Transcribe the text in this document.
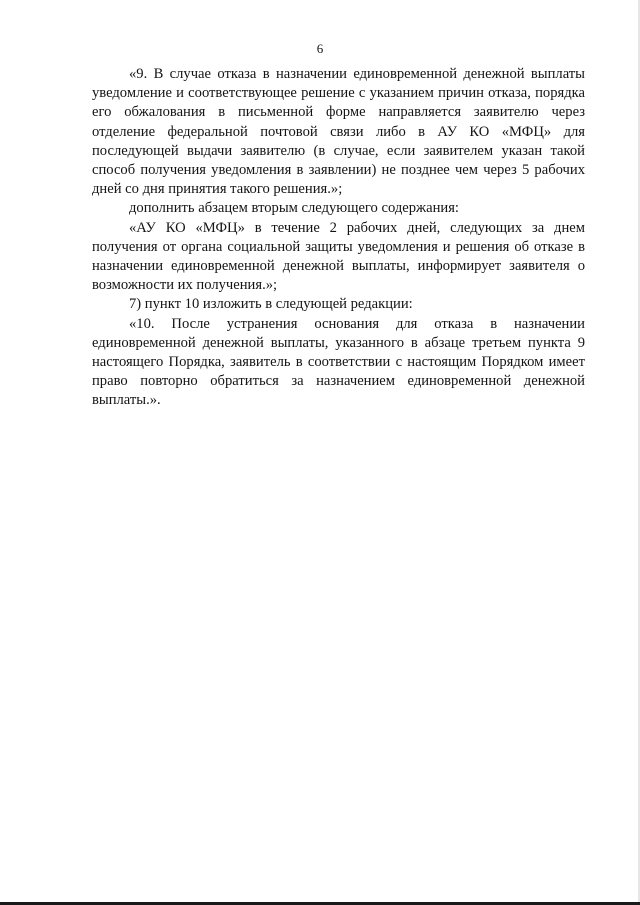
6

«9. В случае отказа в назначении единовременной денежной выплаты уведомление и соответствующее решение с указанием причин отказа, порядка его обжалования в письменной форме направляется заявителю через отделение федеральной почтовой связи либо в АУ КО «МФЦ» для последующей выдачи заявителю (в случае, если заявителем указан такой способ получения уведомления в заявлении) не позднее чем через 5 рабочих дней со дня принятия такого решения.»;

дополнить абзацем вторым следующего содержания:

«АУ КО «МФЦ» в течение 2 рабочих дней, следующих за днем получения от органа социальной защиты уведомления и решения об отказе в назначении единовременной денежной выплаты, информирует заявителя о возможности их получения.»;

7) пункт 10 изложить в следующей редакции:

«10. После устранения основания для отказа в назначении единовременной денежной выплаты, указанного в абзаце третьем пункта 9 настоящего Порядка, заявитель в соответствии с настоящим Порядком имеет право повторно обратиться за назначением единовременной денежной выплаты.».
